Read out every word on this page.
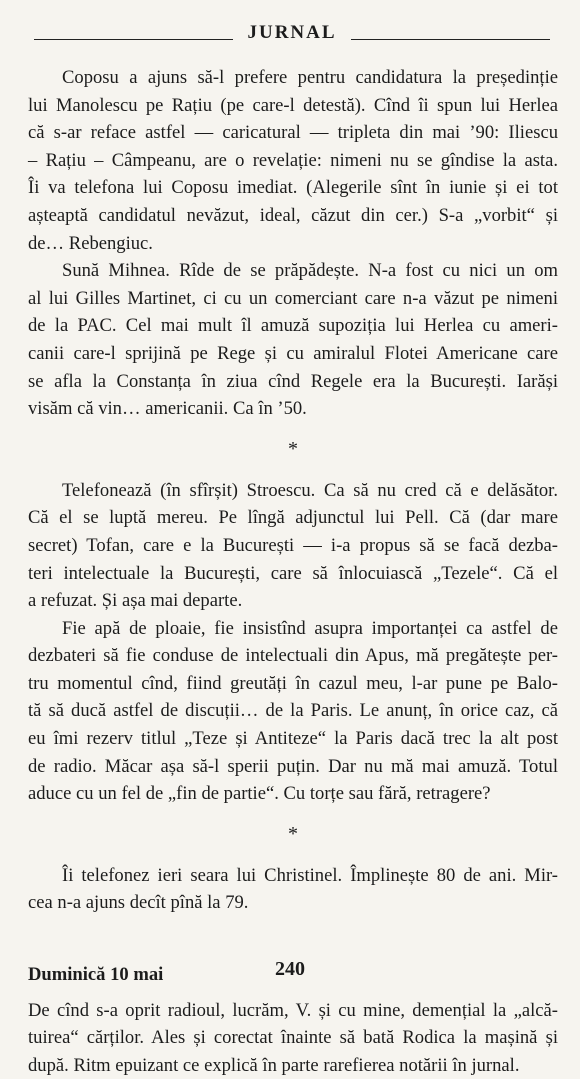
JURNAL
Coposu a ajuns să-l prefere pentru candidatura la președinție
lui Manolescu pe Rațiu (pe care-l detestă). Cînd îi spun lui Herlea
că s-ar reface astfel — caricatural — tripleta din mai ’90: Iliescu
– Rațiu – Câmpeanu, are o revelație: nimeni nu se gîndise la asta.
Îi va telefona lui Coposu imediat. (Alegerile sînt în iunie și ei tot
așteaptă candidatul nevăzut, ideal, căzut din cer.) S-a „vorbit“ și
de… Rebengiuc.
Sună Mihnea. Rîde de se prăpădește. N-a fost cu nici un om
al lui Gilles Martinet, ci cu un comerciant care n-a văzut pe nimeni
de la PAC. Cel mai mult îl amuză supoziția lui Herlea cu ameri-
canii care-l sprijină pe Rege și cu amiralul Flotei Americane care
se afla la Constanța în ziua cînd Regele era la București. Iarăși
visăm că vin… americanii. Ca în ’50.
*
Telefonează (în sfîrșit) Stroescu. Ca să nu cred că e delăsător.
Că el se luptă mereu. Pe lîngă adjunctul lui Pell. Că (dar mare
secret) Tofan, care e la București — i-a propus să se facă dezba-
teri intelectuale la București, care să înlocuiască „Tezele“. Că el
a refuzat. Și așa mai departe.
Fie apă de ploaie, fie insistînd asupra importanței ca astfel de
dezbateri să fie conduse de intelectuali din Apus, mă pregătește per-
tru momentul cînd, fiind greutăți în cazul meu, l-ar pune pe Balo-
tă să ducă astfel de discuții… de la Paris. Le anunț, în orice caz, că
eu îmi rezerv titlul „Teze și Antiteze“ la Paris dacă trec la alt post
de radio. Măcar așa să-l sperii puțin. Dar nu mă mai amuză. Totul
aduce cu un fel de „fin de partie“. Cu torțe sau fără, retragere?
*
Îi telefonez ieri seara lui Christinel. Împlinește 80 de ani. Mir-
cea n-a ajuns decît pînă la 79.
Duminică 10 mai
De cînd s-a oprit radioul, lucrăm, V. și cu mine, demențial la „alcă-
tuirea“ cărților. Ales și corectat înainte să bată Rodica la mașină și
după. Ritm epuizant ce explică în parte rarefierea notării în jurnal.
240
